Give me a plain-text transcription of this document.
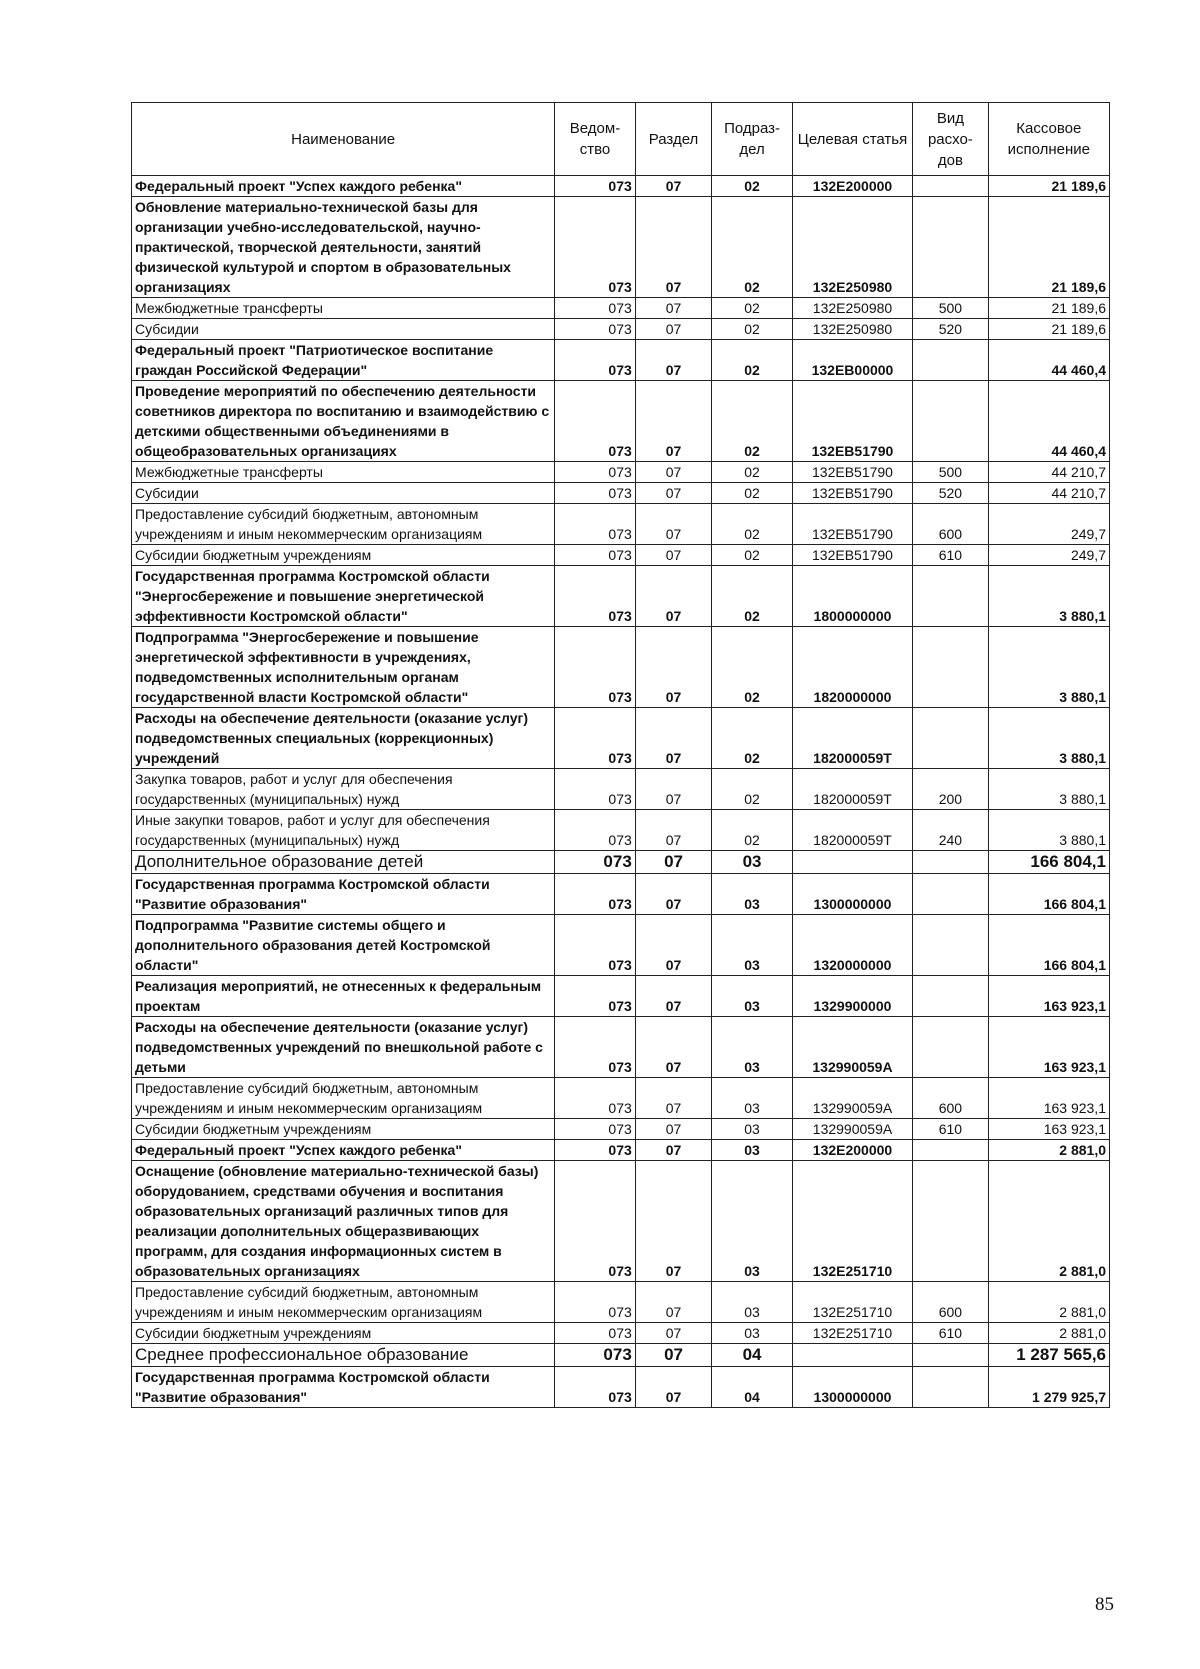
Наименование	Ведом-ство	Раздел	Подраз-дел	Целевая статья	Вид расхо-дов	Кассовое исполнение
Федеральный проект "Успех каждого ребенка"	073	07	02	132E200000		21 189,6
Обновление материально-технической базы для организации учебно-исследовательской, научно-практической, творческой деятельности, занятий физической культурой и спортом в образовательных организациях	073	07	02	132E250980		21 189,6
Межбюджетные трансферты	073	07	02	132E250980	500	21 189,6
Субсидии	073	07	02	132E250980	520	21 189,6
Федеральный проект "Патриотическое воспитание граждан Российской Федерации"	073	07	02	132EB00000		44 460,4
Проведение мероприятий по обеспечению деятельности советников директора по воспитанию и взаимодействию с детскими общественными объединениями в общеобразовательных организациях	073	07	02	132EB51790		44 460,4
Межбюджетные трансферты	073	07	02	132EB51790	500	44 210,7
Субсидии	073	07	02	132EB51790	520	44 210,7
Предоставление субсидий бюджетным, автономным учреждениям и иным некоммерческим организациям	073	07	02	132EB51790	600	249,7
Субсидии бюджетным учреждениям	073	07	02	132EB51790	610	249,7
Государственная программа Костромской области "Энергосбережение и повышение энергетической эффективности Костромской области"	073	07	02	1800000000		3 880,1
Подпрограмма "Энергосбережение и повышение энергетической эффективности в учреждениях, подведомственных исполнительным органам государственной власти Костромской области"	073	07	02	1820000000		3 880,1
Расходы на обеспечение деятельности (оказание услуг) подведомственных специальных (коррекционных) учреждений	073	07	02	182000059Т		3 880,1
Закупка товаров, работ и услуг для обеспечения государственных (муниципальных) нужд	073	07	02	182000059Т	200	3 880,1
Иные закупки товаров, работ и услуг для обеспечения государственных (муниципальных) нужд	073	07	02	182000059Т	240	3 880,1
Дополнительное образование детей	073	07	03			166 804,1
Государственная программа Костромской области "Развитие образования"	073	07	03	1300000000		166 804,1
Подпрограмма "Развитие системы общего и дополнительного образования детей Костромской области"	073	07	03	1320000000		166 804,1
Реализация мероприятий, не отнесенных к федеральным проектам	073	07	03	1329900000		163 923,1
Расходы на обеспечение деятельности (оказание услуг) подведомственных учреждений по внешкольной работе с детьми	073	07	03	132990059А		163 923,1
Предоставление субсидий бюджетным, автономным учреждениям и иным некоммерческим организациям	073	07	03	132990059А	600	163 923,1
Субсидии бюджетным учреждениям	073	07	03	132990059А	610	163 923,1
Федеральный проект "Успех каждого ребенка"	073	07	03	132E200000		2 881,0
Оснащение (обновление материально-технической базы) оборудованием, средствами обучения и воспитания образовательных организаций различных типов для реализации дополнительных общеразвивающих программ, для создания информационных систем в образовательных организациях	073	07	03	132E251710		2 881,0
Предоставление субсидий бюджетным, автономным учреждениям и иным некоммерческим организациям	073	07	03	132E251710	600	2 881,0
Субсидии бюджетным учреждениям	073	07	03	132E251710	610	2 881,0
Среднее профессиональное образование	073	07	04			1 287 565,6
Государственная программа Костромской области "Развитие образования"	073	07	04	1300000000		1 279 925,7
85
